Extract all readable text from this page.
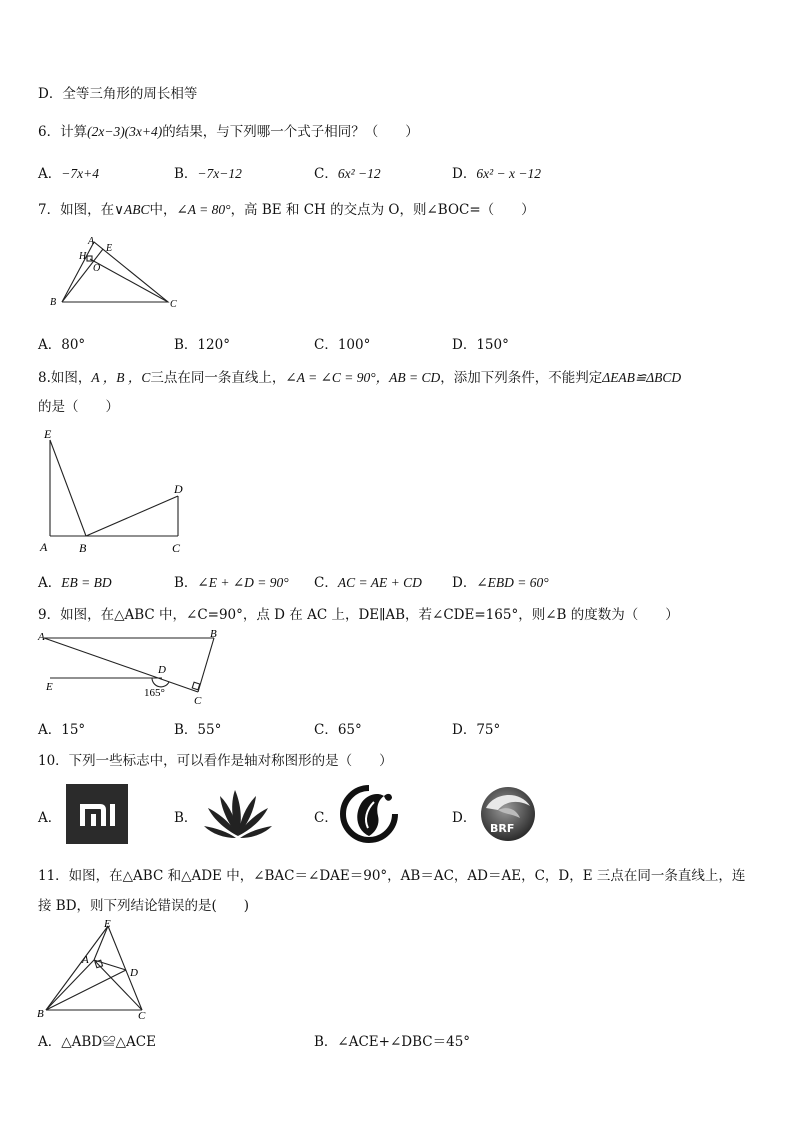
D．全等三角形的周长相等
6．计算(2x−3)(3x+4)的结果，与下列哪一个式子相同？（　　）
A．−7x+4	B．−7x−12	C．6x² −12	D．6x² − x −12
7．如图，在∨ABC中，∠A = 80°，高 BE 和 CH 的交点为 O，则∠BOC=（　　）
A
E
H
O
B	C
A．80°	B．120°	C．100°	D．150°
8.如图，A ，B ，C三点在同一条直线上，∠A = ∠C = 90°，AB = CD，添加下列条件，不能判定ΔEAB≌ΔBCD
的是（　　）
E
D
A	B	C
A．EB = BD	B．∠E + ∠D = 90° C．AC = AE + CD D．∠EBD = 60°
9．如图，在△ABC 中，∠C=90°，点 D 在 AC 上，DE∥AB，若∠CDE=165°，则∠B 的度数为（　　）
A	B
D
E
C
165°
A．15°	B．55°	C．65°	D．75°
10．下列一些标志中，可以看作是轴对称图形的是（　　）
A．	B．	C．	D．
BRF
11．如图，在△ABC 和△ADE 中，∠BAC＝∠DAE＝90°，AB＝AC，AD＝AE，C，D，E 三点在同一条直线上，连
接 BD，则下列结论错误的是(　　)
E
A
D
B	C
A．△ABD≌△ACE	B．∠ACE+∠DBC＝45°
